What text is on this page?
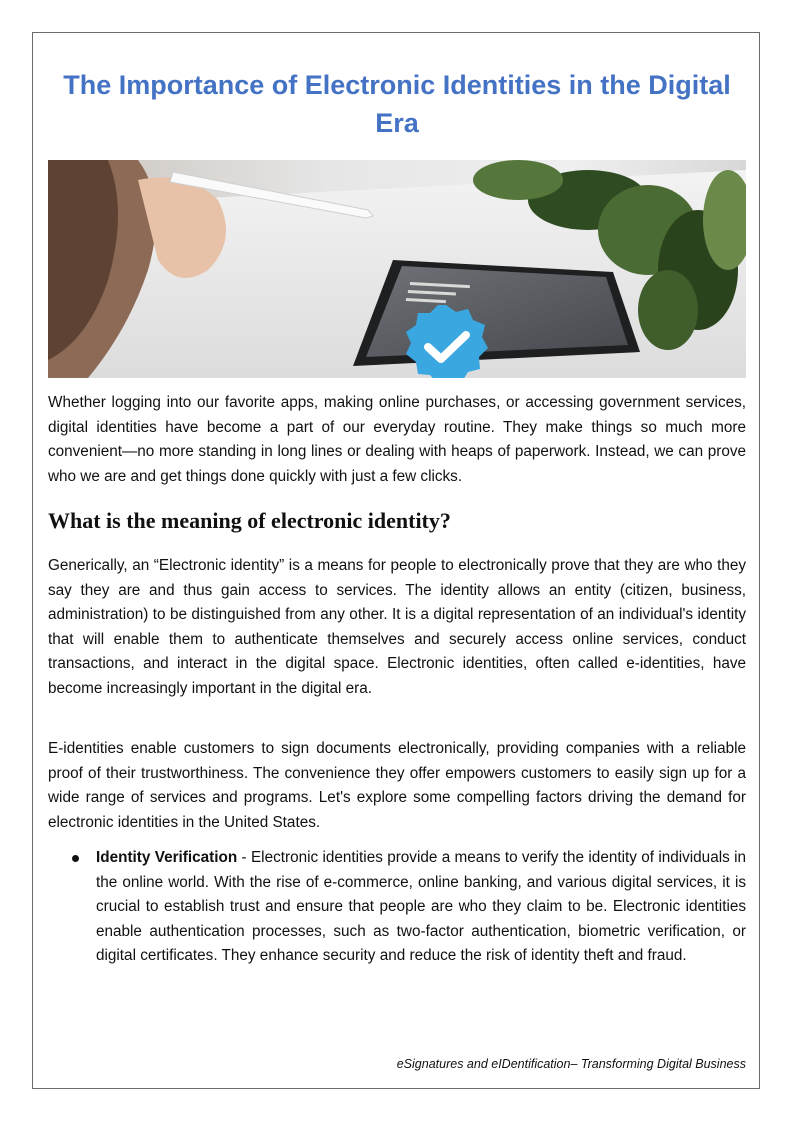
The Importance of Electronic Identities in the Digital Era

Whether logging into our favorite apps, making online purchases, or accessing government services, digital identities have become a part of our everyday routine. They make things so much more convenient—no more standing in long lines or dealing with heaps of paperwork. Instead, we can prove who we are and get things done quickly with just a few clicks.

What is the meaning of electronic identity?

Generically, an “Electronic identity” is a means for people to electronically prove that they are who they say they are and thus gain access to services. The identity allows an entity (citizen, business, administration) to be distinguished from any other. It is a digital representation of an individual's identity that will enable them to authenticate themselves and securely access online services, conduct transactions, and interact in the digital space. Electronic identities, often called e-identities, have become increasingly important in the digital era.

E-identities enable customers to sign documents electronically, providing companies with a reliable proof of their trustworthiness. The convenience they offer empowers customers to easily sign up for a wide range of services and programs. Let's explore some compelling factors driving the demand for electronic identities in the United States.

Identity Verification - Electronic identities provide a means to verify the identity of individuals in the online world. With the rise of e-commerce, online banking, and various digital services, it is crucial to establish trust and ensure that people are who they claim to be. Electronic identities enable authentication processes, such as two-factor authentication, biometric verification, or digital certificates. They enhance security and reduce the risk of identity theft and fraud.
eSignatures and eIDentification– Transforming Digital Business
